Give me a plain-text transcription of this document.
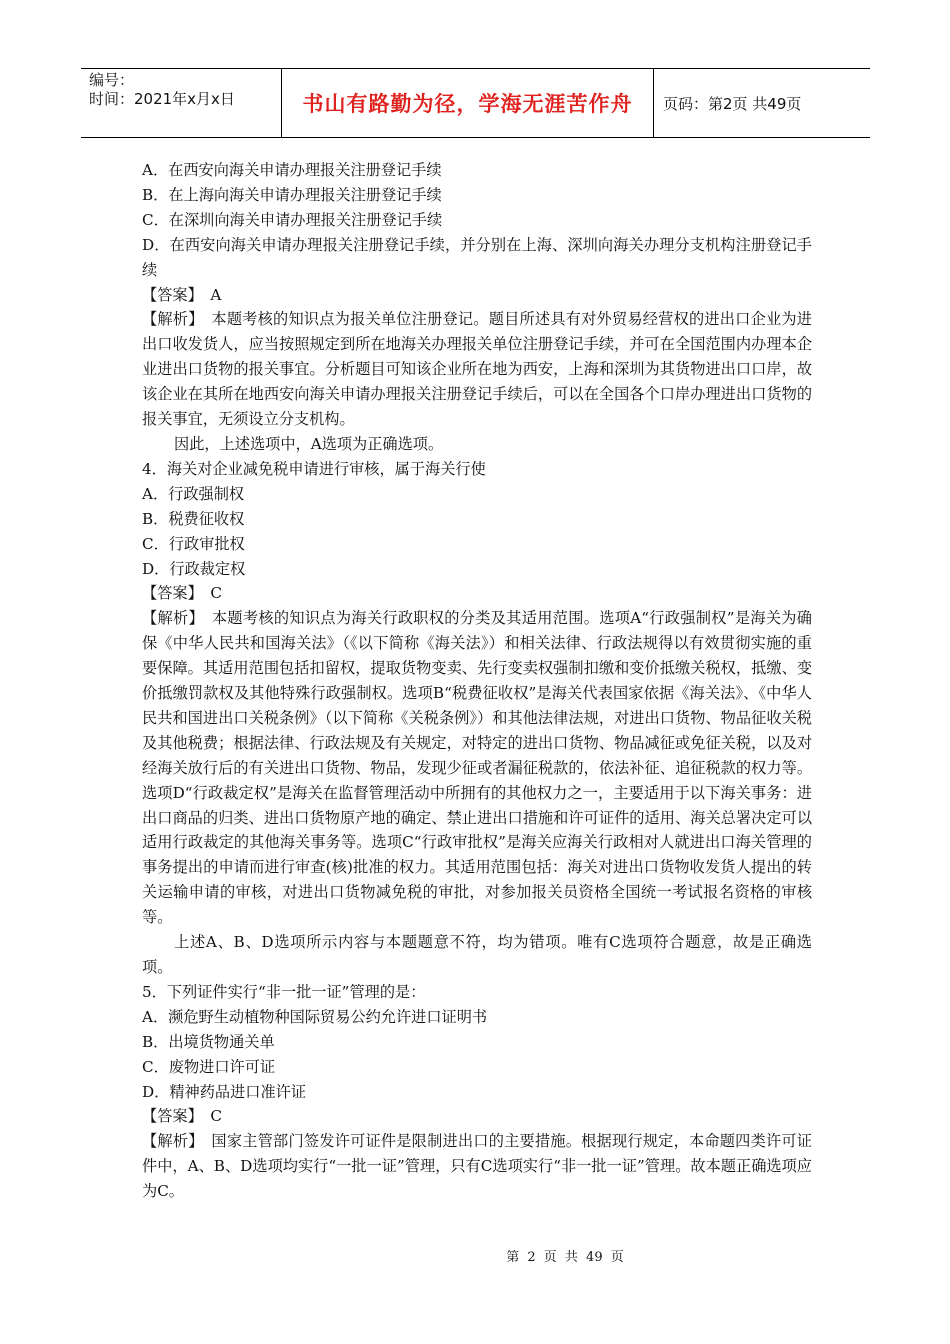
编号：
时间：2021年x月x日	书山有路勤为径，学海无涯苦作舟	页码：第2页 共49页

A．在西安向海关申请办理报关注册登记手续

B．在上海向海关申请办理报关注册登记手续

C．在深圳向海关申请办理报关注册登记手续

D．在西安向海关申请办理报关注册登记手续，并分别在上海、深圳向海关办理分支机构注册登记手续

【答案】　A

【解析】　本题考核的知识点为报关单位注册登记。题目所述具有对外贸易经营权的进出口企业为进出口收发货人，应当按照规定到所在地海关办理报关单位注册登记手续，并可在全国范围内办理本企业进出口货物的报关事宜。分析题目可知该企业所在地为西安，上海和深圳为其货物进出口口岸，故该企业在其所在地西安向海关申请办理报关注册登记手续后，可以在全国各个口岸办理进出口货物的报关事宜，无须设立分支机构。

因此，上述选项中，A选项为正确选项。

4．海关对企业减免税申请进行审核，属于海关行使

A．行政强制权

B．税费征收权

C．行政审批权

D．行政裁定权

【答案】　C

【解析】　本题考核的知识点为海关行政职权的分类及其适用范围。选项A“行政强制权”是海关为确保《中华人民共和国海关法》（《以下简称《海关法》）和相关法律、行政法规得以有效贯彻实施的重要保障。其适用范围包括扣留权，提取货物变卖、先行变卖权强制扣缴和变价抵缴关税权，抵缴、变价抵缴罚款权及其他特殊行政强制权。选项B“税费征收权”是海关代表国家依据《海关法》、《中华人民共和国进出口关税条例》（以下简称《关税条例》）和其他法律法规，对进出口货物、物品征收关税及其他税费；根据法律、行政法规及有关规定，对特定的进出口货物、物品减征或免征关税，以及对经海关放行后的有关进出口货物、物品，发现少征或者漏征税款的，依法补征、追征税款的权力等。选项D“行政裁定权”是海关在监督管理活动中所拥有的其他权力之一，主要适用于以下海关事务：进出口商品的归类、进出口货物原产地的确定、禁止进出口措施和许可证件的适用、海关总署决定可以适用行政裁定的其他海关事务等。选项C“行政审批权”是海关应海关行政相对人就进出口海关管理的事务提出的申请而进行审查(核)批准的权力。其适用范围包括：海关对进出口货物收发货人提出的转关运输申请的审核，对进出口货物减免税的审批，对参加报关员资格全国统一考试报名资格的审核等。

上述A、B、D选项所示内容与本题题意不符，均为错项。唯有C选项符合题意，故是正确选项。

5．下列证件实行“非一批一证”管理的是：

A．濒危野生动植物种国际贸易公约允许进口证明书

B．出境货物通关单

C．废物进口许可证

D．精神药品进口准许证

【答案】　C

【解析】　国家主管部门签发许可证件是限制进出口的主要措施。根据现行规定，本命题四类许可证件中，A、B、D选项均实行“一批一证”管理，只有C选项实行“非一批一证”管理。故本题正确选项应为C。

第 2 页 共 49 页
